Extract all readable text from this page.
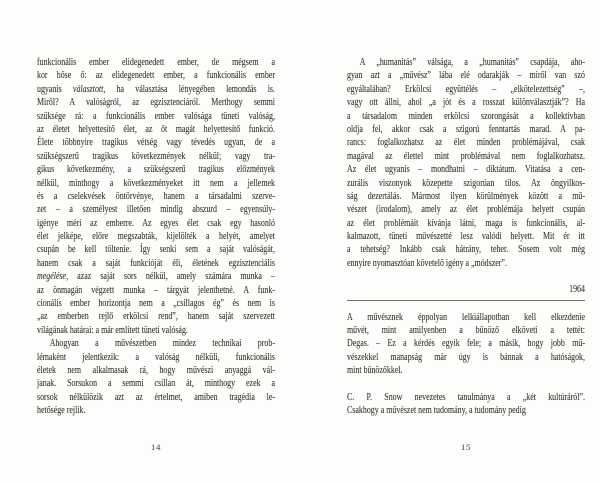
funkcionális ember elidegenedett ember, de mégsem a
kor hőse ő: az elidegenedett ember, a funkcionális ember
ugyanis választott, ha választása lényegében lemondás is.
Miről? A valóságról, az egzisztenciáról. Merthogy semmi
szüksége rá: a funkcionális ember valósága tüneti valóság,
az életet helyettesítő élet, az őt magát helyettesítő funkció.
Élete többnyire tragikus vétség vagy tévedés ugyan, de a
szükségszerű tragikus következmények nélkül; vagy tra-
gikus következmény, a szükségszerű tragikus előzmények
nélkül, minthogy a következményeket itt nem a jellemek
és a cselekvések öntörvénye, hanem a társadalmi szerve-
zet – a személyest illetően mindig abszurd – egyensúly-
igénye méri az emberre. Az egyes élet csak egy hasonló
élet jelképe, előre megszabták, kijelölték a helyét, amelyet
csupán be kell töltenie. Így senki sem a saját valóságát,
hanem csak a saját funkcióját éli, életének egzisztenciális
megélése, azaz saját sors nélkül, amely számára munka –
az önmagán végzett munka – tárgyát jelenthetné. A funk-
cionális ember horizontja nem a „csillagos ég” és nem is
„az emberben rejlő erkölcsi rend”, hanem saját szervezett
világának határai: a már említett tüneti valóság.
Ahogyan a művészetben mindez technikai prob-
lémaként jelentkezik: a valóság nélküli, funkcionális
életek nem alkalmasak rá, hogy művészi anyaggá vál-
janak. Sorsukon a semmi csillan át, minthogy ezek a
sorsok nélkülözik azt az értelmet, amiben tragédia le-
hetősége rejlik.
A „humanitás” válsága, a „humanitás” csapdája, aho-
gyan azt a „művész” lába elé odarakják – miről van szó
egyáltalában? Erkölcsi együttélés – „elkötelezettség” –,
vagy ott állni, ahol „a jót és a rosszat különválasztják”? Ha
a társadalom minden erkölcsi szorongását a kollektívban
oldja fel, akkor csak a szigorú fenntartás marad. A pa-
rancs: foglalkozhatsz az élet minden problémájával, csak
magával az élettel mint problémával nem foglalkozhatsz.
Az élet ugyanis – mondhatni – diktátum. Vitatása a cen-
zurális viszonyok közepette szigorúan tilos. Az öngyilkos-
ság dezertálás. Mármost ilyen körülmények között a mű-
vészet (irodalom), amely az élet problémája helyett csupán
az élet problémáit kívánja látni, maga is funkcionális, al-
kalmazott, tüneti művészetté lesz valódi helyett. Mit ér itt
a tehetség? Inkább csak hátrány, teher. Sosem volt még
ennyire nyomasztóan követelő igény a „módszer”.
1964
A művésznek éppolyan lelkiállapotban kell elkezdenie
művét, mint amilyenben a bűnöző elköveti a tettét:
Degas. – Ez a kérdés egyik fele; a másik, hogy jobb mű-
vészekkel manapság már úgy is bánnak a hatóságok,
mint bűnözőkkel.
C. P. Snow nevezetes tanulmánya a „két kultúráról”.
Csakhogy a művészet nem tudomány, a tudomány pedig
14	15
